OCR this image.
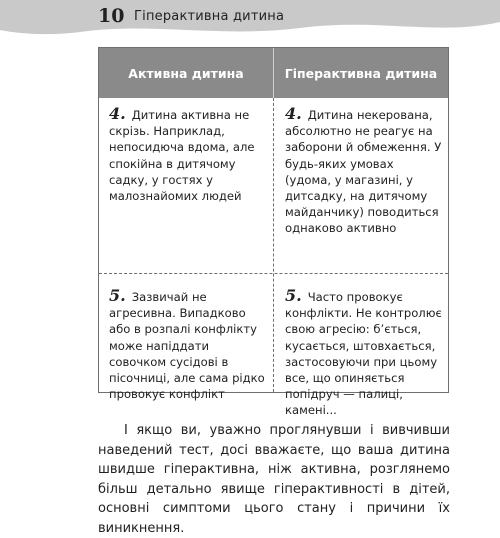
10 Гіперактивна дитина
Активна дитина	Гіперактивна дитина
4. Дитина активна не скрізь. Наприклад, непосидюча вдома, але спокійна в дитячому садку, у гостях у малознайомих людей
4. Дитина некерована, абсолютно не реагує на заборони й обмеження. У будь-яких умовах (удома, у магазині, у дитсадку, на дитячому майданчику) поводиться однаково активно
5. Зазвичай не агресивна. Випадково або в розпалі конфлікту може напіддати совочком сусідові в пісочниці, але сама рідко провокує конфлікт
5. Часто провокує конфлікти. Не контролює свою агресію: б’ється, кусається, штовхається, застосовуючи при цьому все, що опиняється попідруч — палиці, камені...

І якщо ви, уважно проглянувши і вивчивши наведений тест, досі вважаєте, що ваша дитина швидше гіперактивна, ніж активна, розглянемо більш детально явище гіперактивності в дітей, основні симптоми цього стану і причини їх виникнення.
